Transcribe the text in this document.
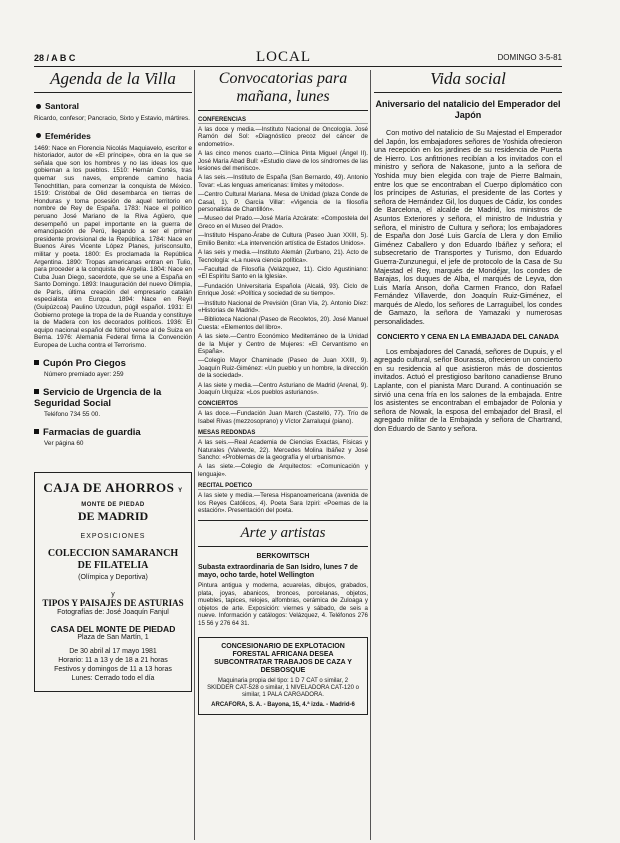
28 / A B C	LOCAL	DOMINGO 3-5-81
Agenda de la Villa
Santoral
Ricardo, confesor; Pancracio, Sixto y Estavio, mártires.
Efemérides
1469: Nace en Florencia Nicolás Maquiavelo, escritor e historiador, autor de «El príncipe», obra en la que se señala que son los hombres y no las ideas los que gobiernan a los pueblos. 1510: Hernán Cortés, tras quemar sus naves, emprende camino hacia Tenochtitlan, para comenzar la conquista de México. 1519: Cristóbal de Olid desembarca en tierras de Honduras y toma posesión de aquel territorio en nombre de Rey de España. 1783: Nace el político peruano José Mariano de la Riva Agüero, que desempeñó un papel importante en la guerra de emancipación de Perú, llegando a ser el primer presidente provisional de la República. 1784: Nace en Buenos Aires Vicente López Planes, jurisconsulto, militar y poeta. 1800: Es proclamada la República Argentina. 1890: Tropas americanas entran en Tulio, para proceder a la conquista de Argelia. 1804: Nace en Cuba Juan Diego, sacerdote, que se une a España en Santo Domingo. 1893: Inauguración del nuevo Olimpia, de París, última creación del empresario catalán especialista en Europa. 1894: Nace en Reyil (Guipúzcoa) Paulino Uzcudun, púgil español. 1931: El Gobierno protege la tropa de la de Ruanda y constituye la de Madera con los decorados políticos. 1936: El equipo nacional español de fútbol vence al de Suiza en Berna. 1976: Alemania Federal firma la Convención Europea de Lucha contra el Terrorismo.
Cupón Pro Ciegos
Número premiado ayer: 259
Servicio de Urgencia de la Seguridad Social
Teléfono 734 55 00.
Farmacias de guardia
Ver página 60
CAJA DE AHORROS Y MONTE DE PIEDAD
DE MADRID
EXPOSICIONES
COLECCION SAMARANCH
DE FILATELIA
(Olímpica y Deportiva)
y
TIPOS Y PAISAJES DE ASTURIAS
Fotografías de: José Joaquín Fanjul
CASA DEL MONTE DE PIEDAD
Plaza de San Martín, 1
De 30 abril al 17 mayo 1981
Horario: 11 a 13 y de 18 a 21 horas
Festivos y domingos de 11 a 13 horas
Lunes: Cerrado todo el día
Convocatorias para mañana, lunes
CONFERENCIAS
A las doce y media.—Instituto Nacional de Oncología. José Ramón del Sol: «Diagnóstico precoz del cáncer de endometrio».
A las cinco menos cuarto.—Clínica Pinta Miguel (Ángel II). José María Abad Bull: «Estudio clave de los síndromes de las lesiones del menisco».
A las seis.—Instituto de España (San Bernardo, 49). Antonio Tovar: «Las lenguas americanas: límites y métodos».
—Centro Cultural Mariana. Mesa de Unidad (plaza Conde de Casal, 1). P. García Villar: «Vigencia de la filosofía personalista de Chantillón».
—Museo del Prado.—José María Azcárate: «Compostela del Greco en el Museo del Prado».
—Instituto Hispano-Árabe de Cultura (Paseo Juan XXIII, 5). Emilio Benito: «La intervención artística de Estados Unidos».
A las seis y media.—Instituto Alemán (Zurbano, 21). Acto de Tecnología: «La nueva ciencia política».
—Facultad de Filosofía (Velázquez, 11). Ciclo Agustiniano: «El Espíritu Santo en la Iglesia».
—Fundación Universitaria Española (Alcalá, 93). Ciclo de Enrique José: «Política y sociedad de su tiempo».
—Instituto Nacional de Previsión (Gran Vía, 2). Antonio Díez: «Historias de Madrid».
—Biblioteca Nacional (Paseo de Recoletos, 20). José Manuel Cuesta: «Elementos del libro».
A las siete.—Centro Económico Mediterráneo de la Unidad de la Mujer y Centro de Mujeres: «El Cervantismo en España».
—Colegio Mayor Chaminade (Paseo de Juan XXIII, 9). Joaquín Ruiz-Giménez: «Un pueblo y un hombre, la dirección de la sociedad».
A las siete y media.—Centro Asturiano de Madrid (Arenal, 9). Joaquín Urquiza: «Los pueblos asturianos».
CONCIERTOS
A las doce.—Fundación Juan March (Castelló, 77). Trío de Isabel Rivas (mezzosoprano) y Víctor Zarraluqui (piano).
MESAS REDONDAS
A las seis.—Real Academia de Ciencias Exactas, Físicas y Naturales (Valverde, 22). Mercedes Molina Ibáñez y José Sancho: «Problemas de la geografía y el urbanismo».
A las siete.—Colegio de Arquitectos: «Comunicación y lenguaje».
RECITAL POETICO
A las siete y media.—Teresa Hispanoamericana (avenida de los Reyes Católicos, 4). Poeta Sara Izpiri: «Poemas de la estación». Presentación del poeta.
Arte y artistas
BERKOWITSCH
Subasta extraordinaria de San Isidro, lunes 7 de mayo, ocho tarde, hotel Wellington
Pintura antigua y moderna, acuarelas, dibujos, grabados, plata, joyas, abanicos, bronces, porcelanas, objetos, muebles, tapices, relojes, alfombras, cerámica de Zuloaga y objetos de arte. Exposición: viernes y sábado, de seis a nueve. Información y catálogos: Velázquez, 4. Teléfonos 276 15 56 y 276 64 31.
CONCESIONARIO DE EXPLOTACION FORESTAL AFRICANA DESEA SUBCONTRATAR TRABAJOS DE CAZA Y DESBOSQUE
Maquinaria propia del tipo: 1 D 7 CAT o similar, 2 SKIDDER CAT-528 o similar, 1 NIVELADORA CAT-120 o similar, 1 PALA CARGADORA.
ARCAFORA, S. A. - Bayona, 15, 4.ª izda. - Madrid-6
Vida social
Aniversario del natalicio del Emperador del Japón
Con motivo del natalicio de Su Majestad el Emperador del Japón, los embajadores señores de Yoshida ofrecieron una recepción en los jardines de su residencia de Puerta de Hierro. Los anfitriones recibían a los invitados con el ministro y señora de Nakasone, junto a la señora de Yoshida muy bien elegida con traje de Pierre Balmain, entre los que se encontraban el Cuerpo diplomático con los príncipes de Asturias, el presidente de las Cortes y señora de Hernández Gil, los duques de Cádiz, los condes de Barcelona, el alcalde de Madrid, los ministros de Asuntos Exteriores y señora, el ministro de Industria y señora, el ministro de Cultura y señora; los embajadores de España don José Luis García de Llera y don Emilio Giménez Caballero y don Eduardo Ibáñez y señora; el subsecretario de Transportes y Turismo, don Eduardo Guerra-Zunzunegui, el jefe de protocolo de la Casa de Su Majestad el Rey, marqués de Mondéjar, los condes de Barajas, los duques de Alba, el marqués de Leyva, don Luis María Anson, doña Carmen Franco, don Rafael Fernández Villaverde, don Joaquín Ruiz-Giménez, el marqués de Aledo, los señores de Larraguibel, los condes de Gamazo, la señora de Yamazaki y numerosas personalidades.
CONCIERTO Y CENA EN LA EMBAJADA DEL CANADA
Los embajadores del Canadá, señores de Dupuis, y el agregado cultural, señor Bourassa, ofrecieron un concierto en su residencia al que asistieron más de doscientos invitados. Actuó el prestigioso barítono canadiense Bruno Laplante, con el pianista Marc Durand. A continuación se sirvió una cena fría en los salones de la embajada. Entre los asistentes se encontraban el embajador de Polonia y señora de Nowak, la esposa del embajador del Brasil, el agregado militar de la Embajada y señora de Chartrand, don Eduardo de Santo y señora.
